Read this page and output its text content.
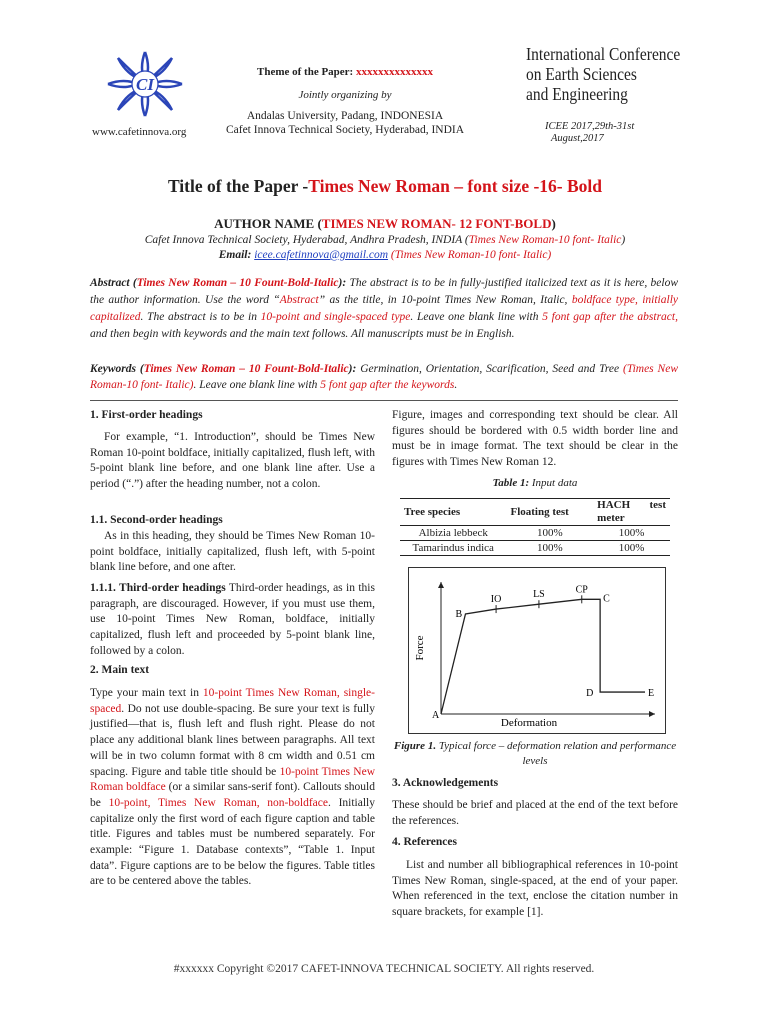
CI
www.cafetinnova.org
Theme of the Paper: xxxxxxxxxxxxxx
Jointly organizing by
Andalas University, Padang, INDONESIA
Cafet Innova Technical Society, Hyderabad, INDIA
International Conference
on Earth Sciences
and Engineering
ICEE 2017,29th-31st
August,2017
Title of the Paper -Times New Roman – font size -16- Bold
AUTHOR NAME (TIMES NEW ROMAN- 12 FONT-BOLD)
Cafet Innova Technical Society, Hyderabad, Andhra Pradesh, INDIA (Times New Roman-10 font- Italic)
Email: icee.cafetinnova@gmail.com (Times New Roman-10 font- Italic)
Abstract (Times New Roman – 10 Fount-Bold-Italic): The abstract is to be in fully-justified italicized text as it is here, below the author information. Use the word “Abstract” as the title, in 10-point Times New Roman, Italic, boldface type, initially capitalized. The abstract is to be in 10-point and single-spaced type. Leave one blank line with 5 font gap after the abstract, and then begin with keywords and the main text follows. All manuscripts must be in English.
Keywords (Times New Roman – 10 Fount-Bold-Italic): Germination, Orientation, Scarification, Seed and Tree (Times New Roman-10 font- Italic). Leave one blank line with 5 font gap after the keywords.
1. First-order headings

For example, “1. Introduction”, should be Times New Roman 10-point boldface, initially capitalized, flush left, with 5-point blank line before, and one blank line after. Use a period (“.”) after the heading number, not a colon.

1.1. Second-order headings

As in this heading, they should be Times New Roman 10-point boldface, initially capitalized, flush left, with 5-point blank line before, and one after.

1.1.1. Third-order headings Third-order headings, as in this paragraph, are discouraged. However, if you must use them, use 10-point Times New Roman, boldface, initially capitalized, flush left and proceeded by 5-point blank line, followed by a colon.

2. Main text

Type your main text in 10-point Times New Roman, single-spaced. Do not use double-spacing. Be sure your text is fully justified—that is, flush left and flush right. Please do not place any additional blank lines between paragraphs. All text will be in two column format with 8 cm width and 0.51 cm spacing. Figure and table title should be 10-point Times New Roman boldface (or a similar sans-serif font). Callouts should be 10-point, Times New Roman, non-boldface. Initially capitalize only the first word of each figure caption and table title. Figures and tables must be numbered separately. For example: “Figure 1. Database contexts”, “Table 1. Input data”. Figure captions are to be below the figures. Table titles are to be centered above the tables.

Figure, images and corresponding text should be clear. All figures should be bordered with 0.5 width border line and must be in image format. The text should be clear in the figures with Times New Roman 12.

Table 1: Input data
Tree species	Floating test	HACH test meter
Albizia lebbeck	100%	100%
Tamarindus indica	100%	100%
Force
Deformation
A
B
IO	LS	CP
C
D	E
Figure 1. Typical force – deformation relation and performance levels
3. Acknowledgements

These should be brief and placed at the end of the text before the references.

4. References

List and number all bibliographical references in 10-point Times New Roman, single-spaced, at the end of your paper. When referenced in the text, enclose the citation number in square brackets, for example [1].

#xxxxxx Copyright ©2017 CAFET-INNOVA TECHNICAL SOCIETY. All rights reserved.
